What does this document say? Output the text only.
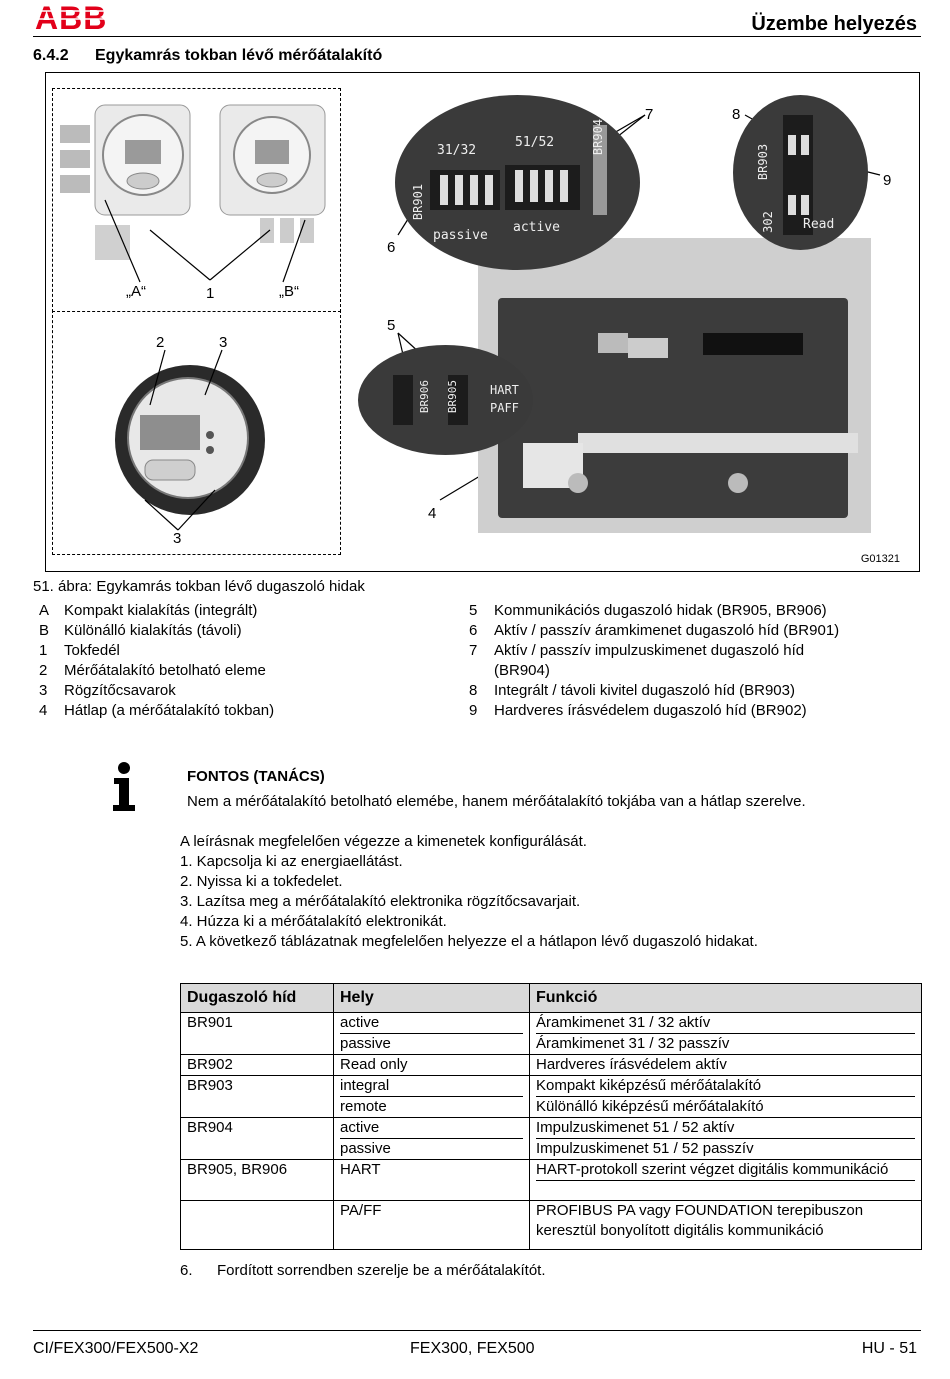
ABB	Üzembe helyezés
6.4.2 Egykamrás tokban lévő mérőátalakító
31/32
51/52
passive
active
BR901
BR904
BR903
302 Read
BR906 BR905	HART
PAFF
„A“	1	„B“
2	3
3
4
5
6
7	8
9
G01321
51. ábra: Egykamrás tokban lévő dugaszoló hidak
A Kompakt kialakítás (integrált)
B Különálló kialakítás (távoli)
1	Tokfedél
2	Mérőátalakító betolható eleme
3	Rögzítőcsavarok
4	Hátlap (a mérőátalakító tokban)
5	Kommunikációs dugaszoló hidak (BR905, BR906)
6	Aktív / passzív áramkimenet dugaszoló híd (BR901)
7	Aktív / passzív impulzuskimenet dugaszoló híd
(BR904)
8	Integrált / távoli kivitel dugaszoló híd (BR903)
9	Hardveres írásvédelem dugaszoló híd (BR902)
FONTOS (TANÁCS)
Nem a mérőátalakító betolható elemébe, hanem mérőátalakító tokjába van a hátlap szerelve.
A leírásnak megfelelően végezze a kimenetek konfigurálását.
1. Kapcsolja ki az energiaellátást.
2. Nyissa ki a tokfedelet.
3. Lazítsa meg a mérőátalakító elektronika rögzítőcsavarjait.
4. Húzza ki a mérőátalakító elektronikát.
5. A következő táblázatnak megfelelően helyezze el a hátlapon lévő dugaszoló hidakat.
Dugaszoló híd	Hely	Funkció
BR901	active	Áramkimenet 31 / 32 aktív

	passive	Áramkimenet 31 / 32 passzív
BR902	Read only	Hardveres írásvédelem aktív
BR903	integral	Kompakt kiképzésű mérőátalakító

	remote	Különálló kiképzésű mérőátalakító
BR904	active	Impulzuskimenet 51 / 52 aktív

	passive	Impulzuskimenet 51 / 52 passzív
BR905, BR906	HART	HART-protokoll szerint végzet digitális kommunikáció

	PA/FF	PROFIBUS PA vagy FOUNDATION terepibuszon keresztül bonyolított digitális kommunikáció
6. Fordított sorrendben szerelje be a mérőátalakítót.
CI/FEX300/FEX500-X2	FEX300, FEX500	HU - 51
